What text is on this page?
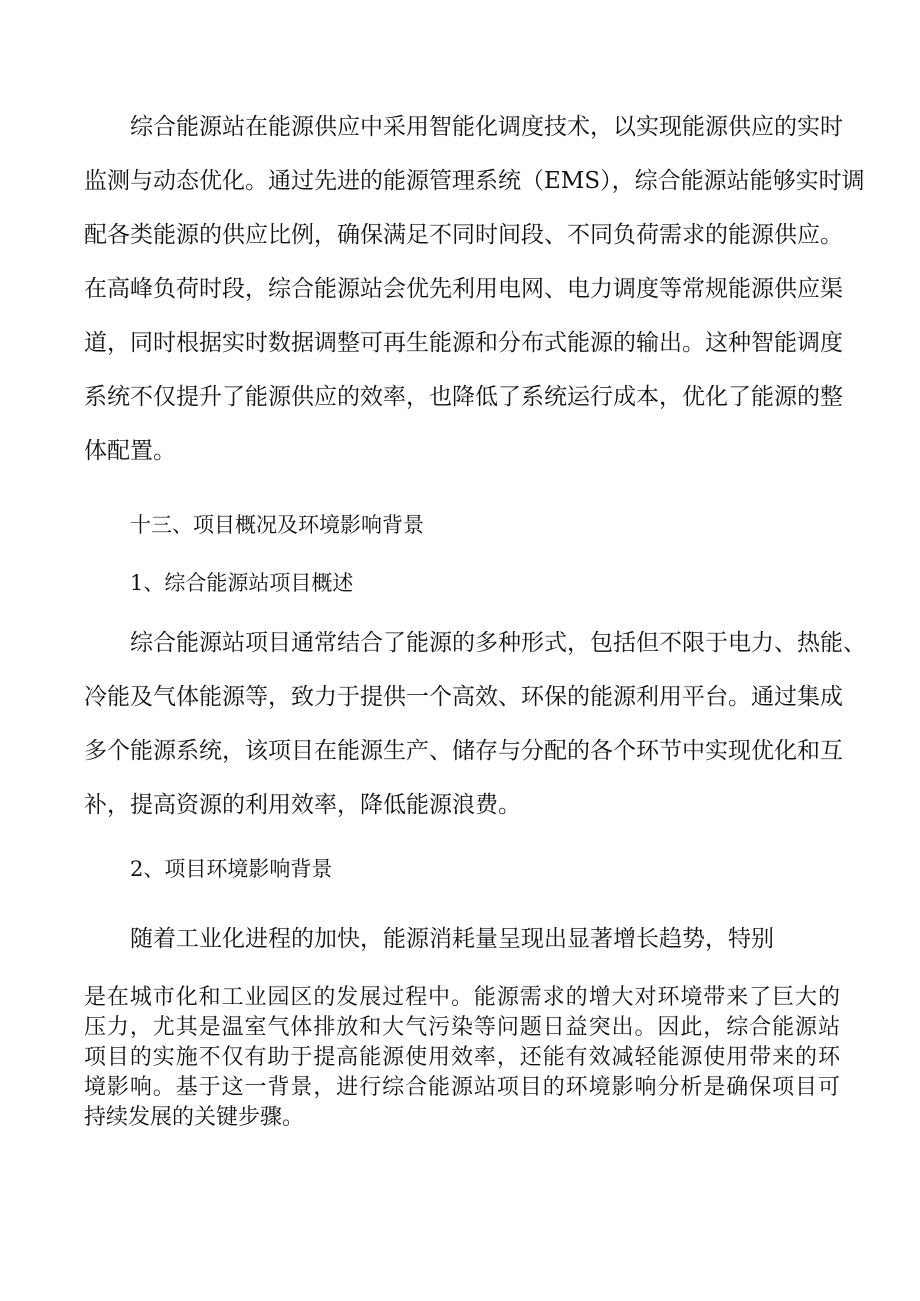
综合能源站在能源供应中采用智能化调度技术，以实现能源供应的实时

监测与动态优化。通过先进的能源管理系统（EMS），综合能源站能够实时调

配各类能源的供应比例，确保满足不同时间段、不同负荷需求的能源供应。

在高峰负荷时段，综合能源站会优先利用电网、电力调度等常规能源供应渠

道，同时根据实时数据调整可再生能源和分布式能源的输出。这种智能调度

系统不仅提升了能源供应的效率，也降低了系统运行成本，优化了能源的整

体配置。

十三、项目概况及环境影响背景

1、综合能源站项目概述

综合能源站项目通常结合了能源的多种形式，包括但不限于电力、热能、

冷能及气体能源等，致力于提供一个高效、环保的能源利用平台。通过集成

多个能源系统，该项目在能源生产、储存与分配的各个环节中实现优化和互

补，提高资源的利用效率，降低能源浪费。

2、项目环境影响背景

随着工业化进程的加快，能源消耗量呈现出显著增长趋势，特别

是在城市化和工业园区的发展过程中。能源需求的增大对环境带来了巨大的

压力，尤其是温室气体排放和大气污染等问题日益突出。因此，综合能源站

项目的实施不仅有助于提高能源使用效率，还能有效减轻能源使用带来的环

境影响。基于这一背景，进行综合能源站项目的环境影响分析是确保项目可

持续发展的关键步骤。
